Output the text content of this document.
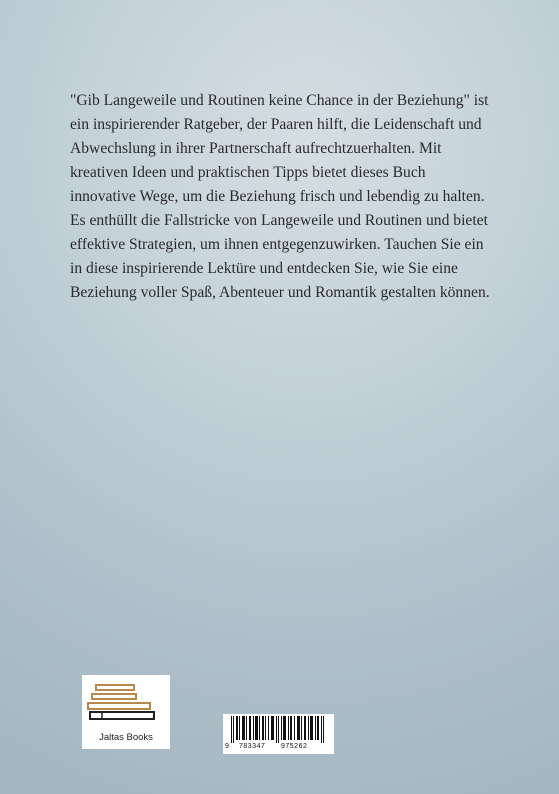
"Gib Langeweile und Routinen keine Chance in der Beziehung" ist ein inspirierender Ratgeber, der Paaren hilft, die Leidenschaft und Abwechslung in ihrer Partnerschaft aufrechtzuerhalten. Mit kreativen Ideen und praktischen Tipps bietet dieses Buch innovative Wege, um die Beziehung frisch und lebendig zu halten. Es enthüllt die Fallstricke von Langeweile und Routinen und bietet effektive Strategien, um ihnen entgegenzuwirken. Tauchen Sie ein in diese inspirierende Lektüre und entdecken Sie, wie Sie eine Beziehung voller Spaß, Abenteuer und Romantik gestalten können.

Jaltas Books
9 783347 975262
